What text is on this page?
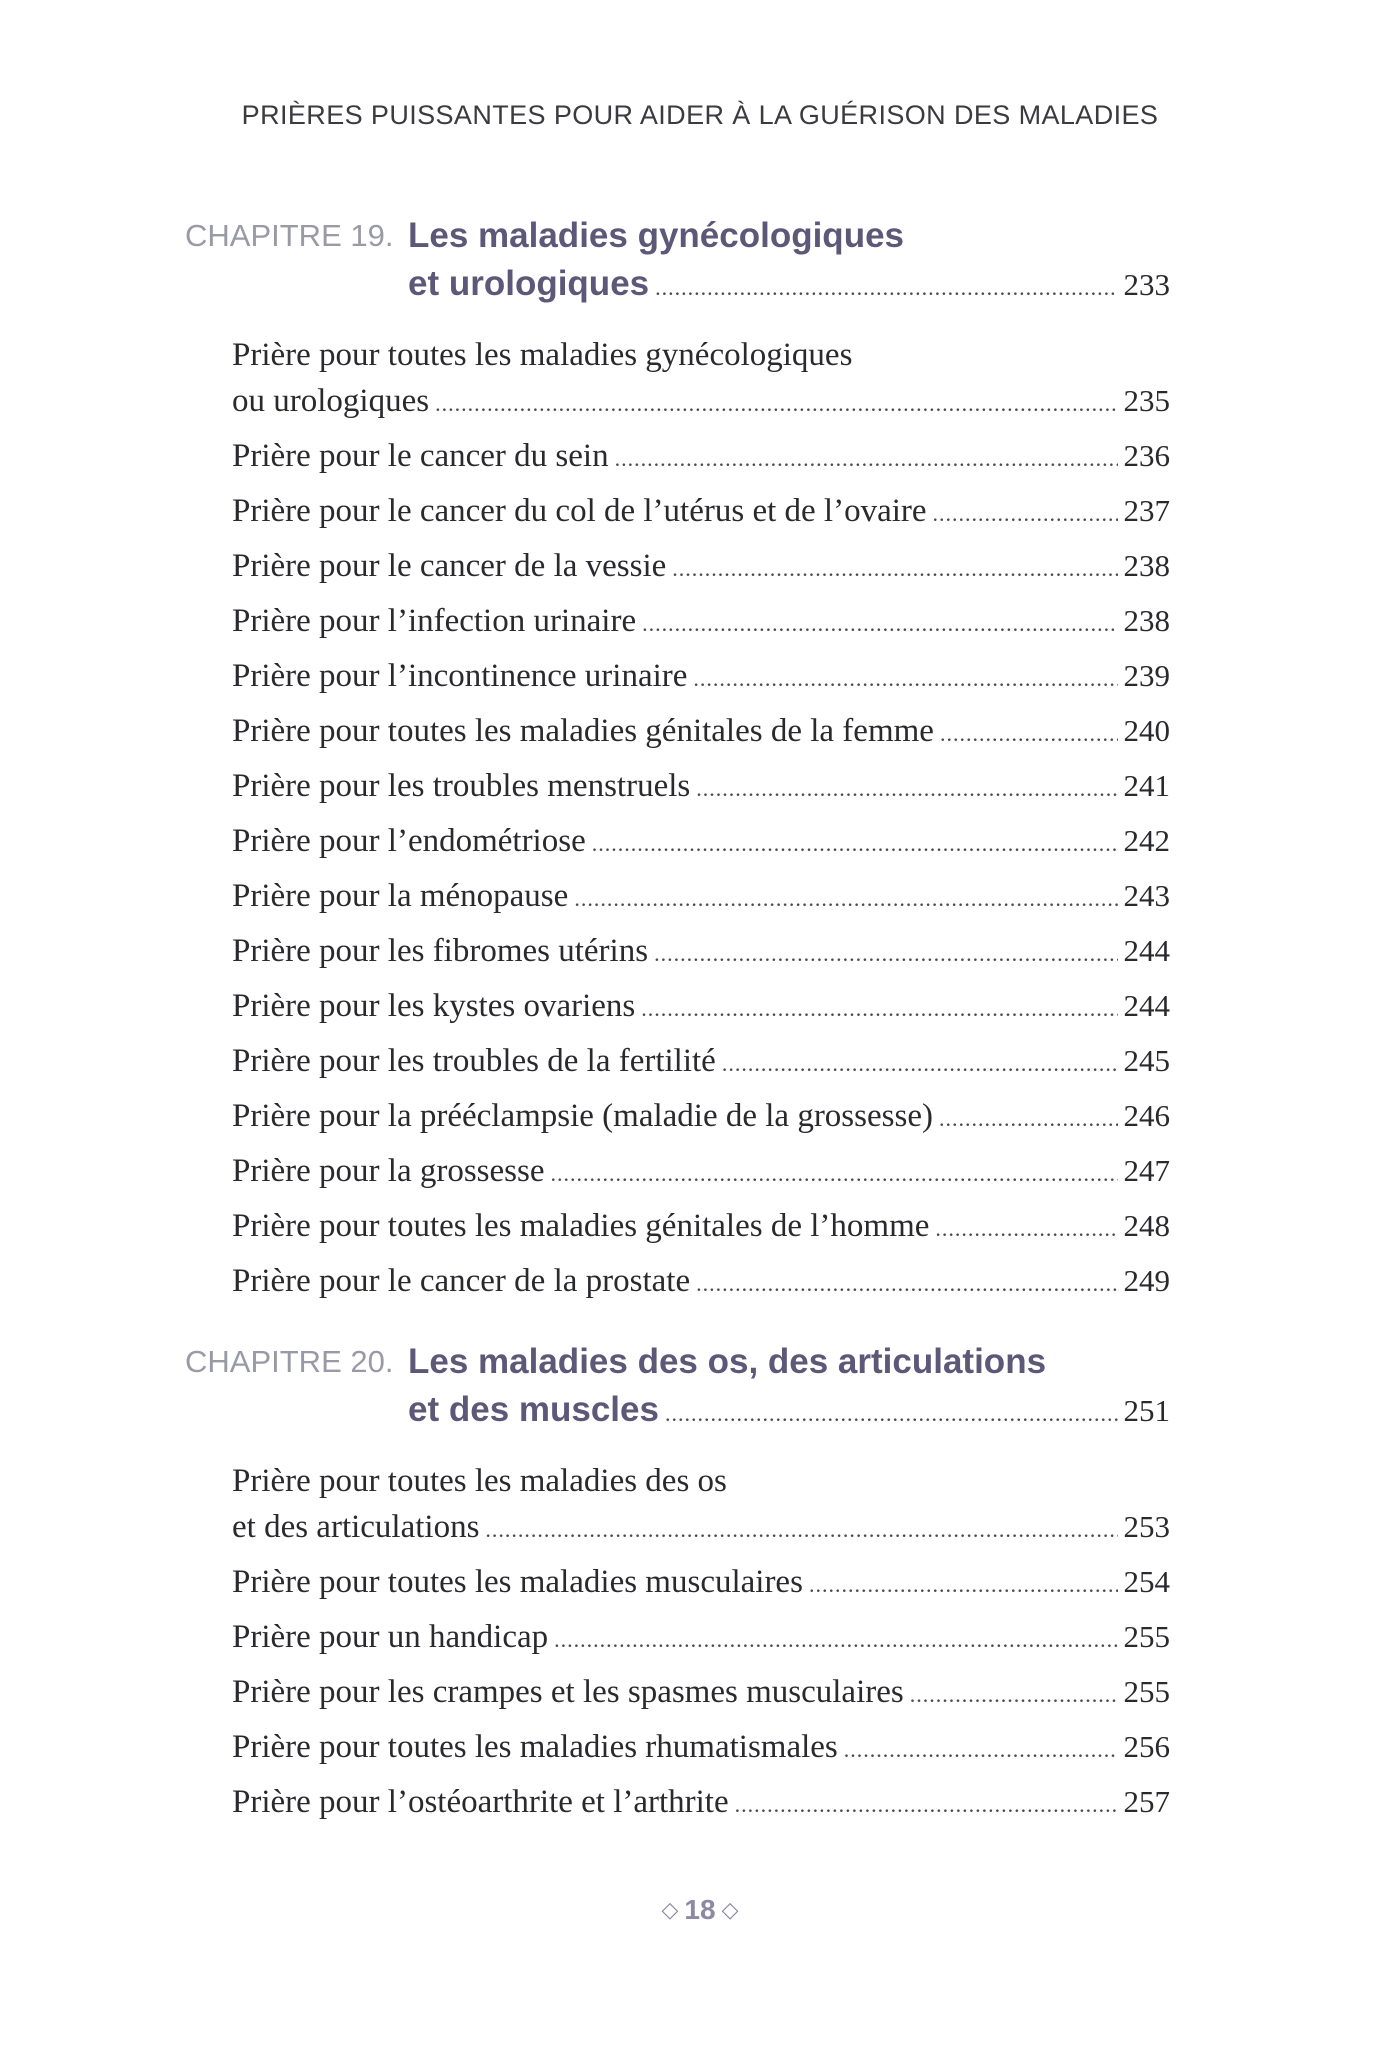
PRIÈRES PUISSANTES POUR AIDER À LA GUÉRISON DES MALADIES
CHAPITRE 19. Les maladies gynécologiques
et urologiques .....	233
Prière pour toutes les maladies gynécologiques
ou urologiques .....	235
Prière pour le cancer du sein .....	236
Prière pour le cancer du col de l’utérus et de l’ovaire .....	237
Prière pour le cancer de la vessie .....	238
Prière pour l’infection urinaire .....	238
Prière pour l’incontinence urinaire .....	239
Prière pour toutes les maladies génitales de la femme .....	240
Prière pour les troubles menstruels .....	241
Prière pour l’endométriose .....	242
Prière pour la ménopause .....	243
Prière pour les fibromes utérins .....	244
Prière pour les kystes ovariens .....	244
Prière pour les troubles de la fertilité .....	245
Prière pour la prééclampsie (maladie de la grossesse) .....	246
Prière pour la grossesse .....	247
Prière pour toutes les maladies génitales de l’homme .....	248
Prière pour le cancer de la prostate .....	249
CHAPITRE 20. Les maladies des os, des articulations
et des muscles .....	251
Prière pour toutes les maladies des os
et des articulations .....	253
Prière pour toutes les maladies musculaires .....	254
Prière pour un handicap .....	255
Prière pour les crampes et les spasmes musculaires .....	255
Prière pour toutes les maladies rhumatismales .....	256
Prière pour l’ostéoarthrite et l’arthrite .....	257
◇ 18 ◇
